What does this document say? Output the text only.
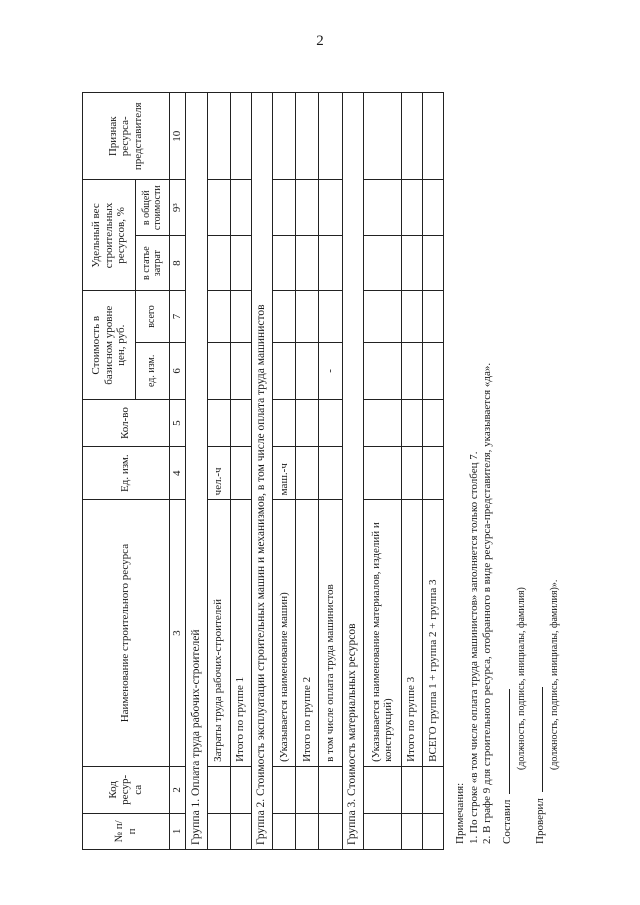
2
№ п/п	Код ресур-са	Наименование строительного ресурса	Ед. изм.	Кол-во	Стоимость в базисном уровне цен, руб.		Удельный вес строительных ресурсов, %		Признак ресурса-представителя
					ед. изм.	всего	в статье затрат	в общей стоимости	
1	2	3	4	5	6	7	8	9³	10
Группа 1. Оплата труда рабочих-строителей									
		Затраты труда рабочих-строителей	чел.-ч						
		Итого по группе 1							
Группа 2. Стоимость эксплуатации строительных машин и механизмов, в том числе оплата труда машинистов									
		(Указывается наименование машин)	маш.-ч						
		Итого по группе 2							
		в том числе оплата труда машинистов			-				
Группа 3. Стоимость материальных ресурсов									
		(Указывается наименование материалов, изделий и конструкций)							
		Итого по группе 3							
		ВСЕГО группа 1 + группа 2 + группа 3							
Примечания: 1. По строке «в том числе оплата труда машинистов» заполняется только столбец 7. 2. В графе 9 для строительного ресурса, отобранного в виде ресурса-представителя, указывается «да». Составил
(должность, подпись, инициалы, фамилия)
Проверил
(должность, подпись, инициалы, фамилия)».
